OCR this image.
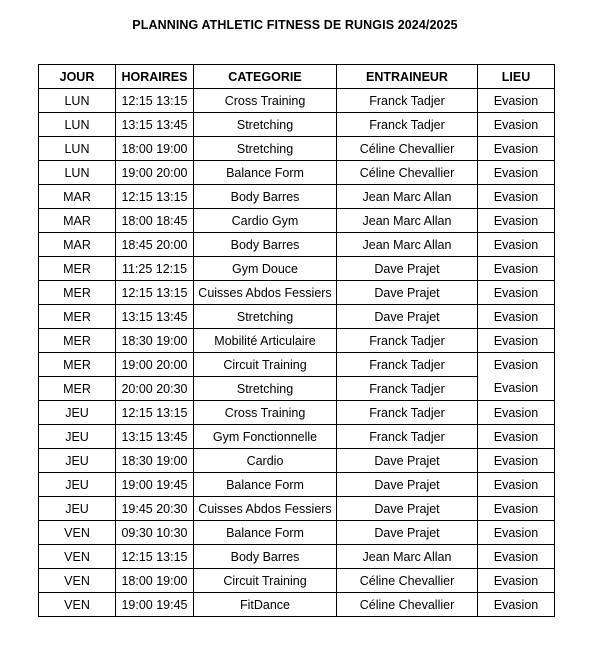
PLANNING ATHLETIC FITNESS DE RUNGIS 2024/2025
JOUR	HORAIRES	CATEGORIE	ENTRAINEUR	LIEU
LUN	12:15 13:15	Cross Training	Franck Tadjer	Evasion
LUN	13:15 13:45	Stretching	Franck Tadjer	Evasion
LUN	18:00 19:00	Stretching	Céline Chevallier	Evasion
LUN	19:00 20:00	Balance Form	Céline Chevallier	Evasion
MAR	12:15 13:15	Body Barres	Jean Marc Allan	Evasion
MAR	18:00 18:45	Cardio Gym	Jean Marc Allan	Evasion
MAR	18:45 20:00	Body Barres	Jean Marc Allan	Evasion
MER	11:25 12:15	Gym Douce	Dave Prajet	Evasion
MER	12:15 13:15	Cuisses Abdos Fessiers	Dave Prajet	Evasion
MER	13:15 13:45	Stretching	Dave Prajet	Evasion
MER	18:30 19:00	Mobilité Articulaire	Franck Tadjer	Evasion
MER	19:00 20:00	Circuit Training	Franck Tadjer	Evasion
MER	20:00 20:30	Stretching	Franck Tadjer	Evasion
JEU	12:15 13:15	Cross Training	Franck Tadjer	Evasion
JEU	13:15 13:45	Gym Fonctionnelle	Franck Tadjer	Evasion
JEU	18:30 19:00	Cardio	Dave Prajet	Evasion
JEU	19:00 19:45	Balance Form	Dave Prajet	Evasion
JEU	19:45 20:30	Cuisses Abdos Fessiers	Dave Prajet	Evasion
VEN	09:30 10:30	Balance Form	Dave Prajet	Evasion
VEN	12:15 13:15	Body Barres	Jean Marc Allan	Evasion
VEN	18:00 19:00	Circuit Training	Céline Chevallier	Evasion
VEN	19:00 19:45	FitDance	Céline Chevallier	Evasion
